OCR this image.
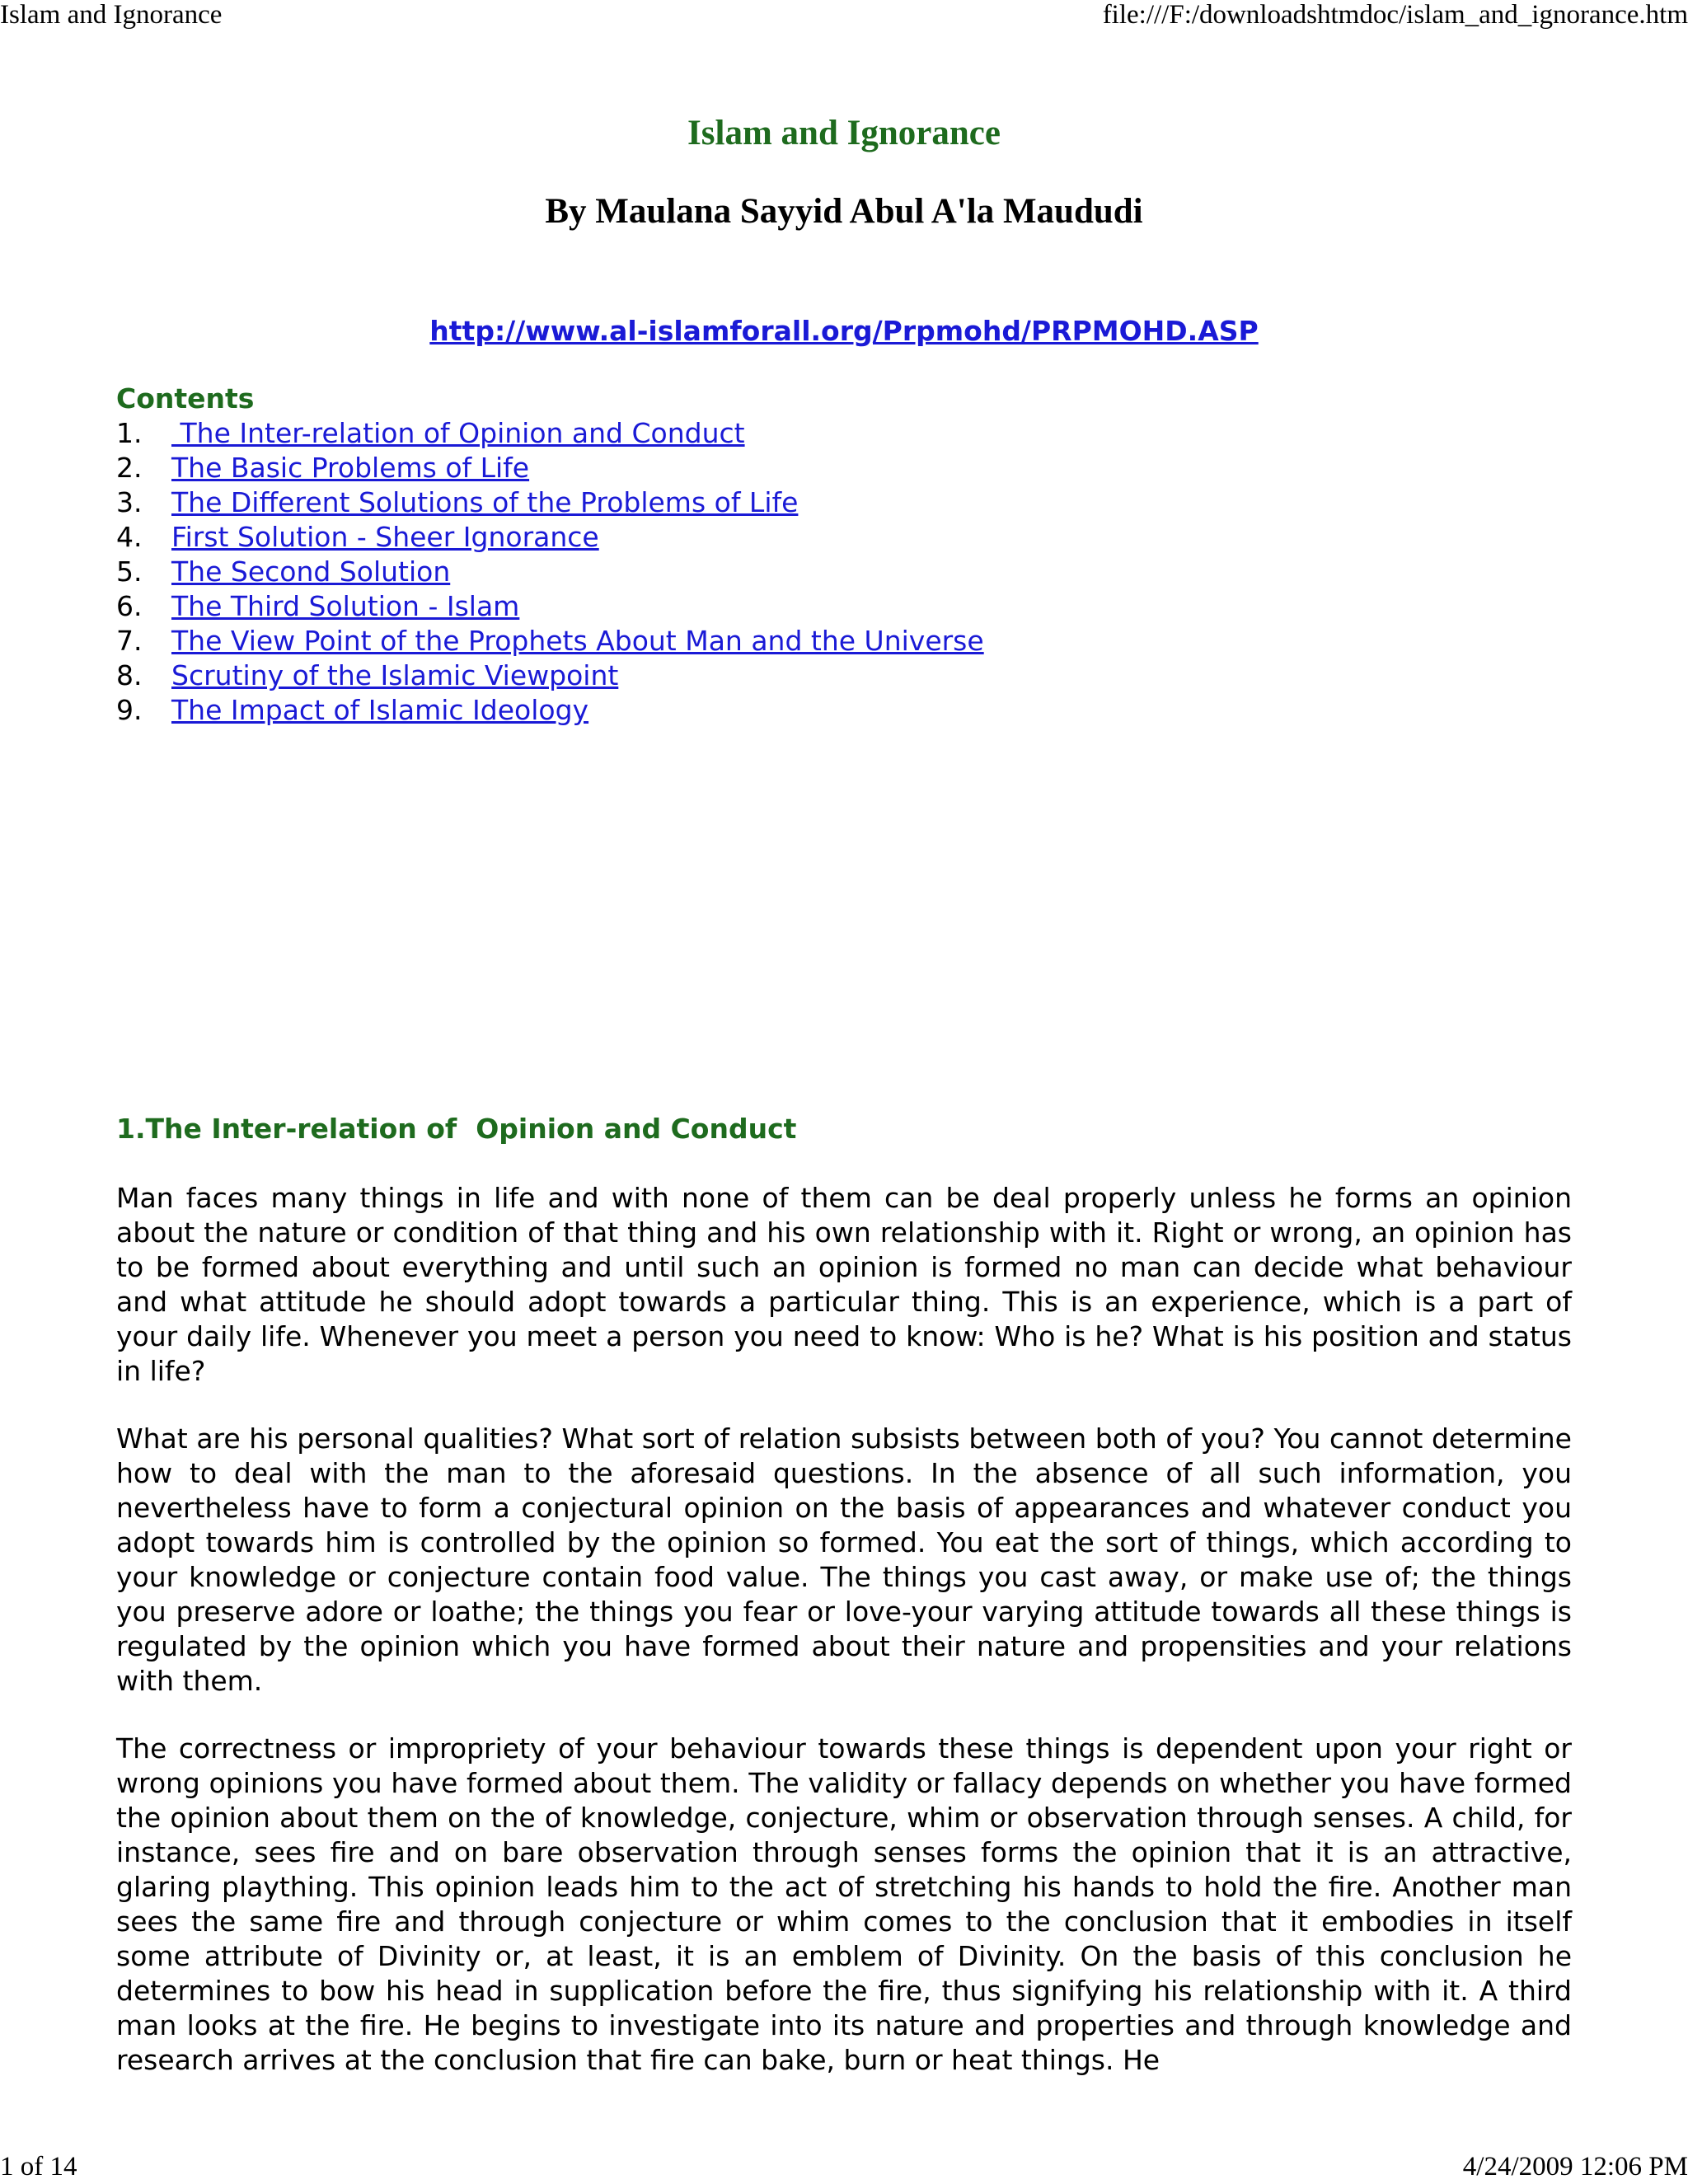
Islam and Ignorance	file:///F:/downloadshtmdoc/islam_and_ignorance.htm
Islam and Ignorance
By Maulana Sayyid Abul A'la Maududi
http://www.al-islamforall.org/Prpmohd/PRPMOHD.ASP
Contents
1. The Inter-relation of Opinion and Conduct
2. The Basic Problems of Life
3. The Different Solutions of the Problems of Life
4. First Solution - Sheer Ignorance
5. The Second Solution
6. The Third Solution - Islam
7. The View Point of the Prophets About Man and the Universe
8. Scrutiny of the Islamic Viewpoint
9. The Impact of Islamic Ideology
1.The Inter-relation of  Opinion and Conduct

Man faces many things in life and with none of them can be deal properly unless he forms an opinion about the nature or condition of that thing and his own relationship with it. Right or wrong, an opinion has to be formed about everything and until such an opinion is formed no man can decide what behaviour and what attitude he should adopt towards a particular thing. This is an experience, which is a part of your daily life. Whenever you meet a person you need to know: Who is he? What is his position and status in life?

What are his personal qualities? What sort of relation subsists between both of you? You cannot determine how to deal with the man to the aforesaid questions. In the absence of all such information, you nevertheless have to form a conjectural opinion on the basis of appearances and whatever conduct you adopt towards him is controlled by the opinion so formed. You eat the sort of things, which according to your knowledge or conjecture contain food value. The things you cast away, or make use of; the things you preserve adore or loathe; the things you fear or love-your varying attitude towards all these things is regulated by the opinion which you have formed about their nature and propensities and your relations with them.

The correctness or impropriety of your behaviour towards these things is dependent upon your right or wrong opinions you have formed about them. The validity or fallacy depends on whether you have formed the opinion about them on the of knowledge, conjecture, whim or observation through senses. A child, for instance, sees fire and on bare observation through senses forms the opinion that it is an attractive, glaring plaything. This opinion leads him to the act of stretching his hands to hold the fire. Another man sees the same fire and through conjecture or whim comes to the conclusion that it embodies in itself some attribute of Divinity or, at least, it is an emblem of Divinity. On the basis of this conclusion he determines to bow his head in supplication before the fire, thus signifying his relationship with it. A third man looks at the fire. He begins to investigate into its nature and properties and through knowledge and research arrives at the conclusion that fire can bake, burn or heat things. He

1 of 14	4/24/2009 12:06 PM
